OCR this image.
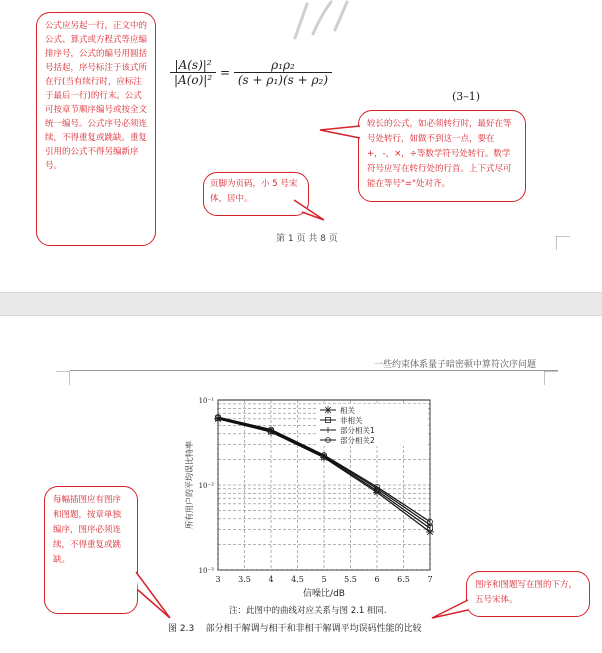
公式应另起一行，正文中的公式、算式或方程式等应编排序号，公式的编号用圆括号括起，序号标注于该式所在行(当有续行时，应标注于最后一行)的行末。公式可按章节顺序编号或按全文统一编号。公式序号必须连续，不得重复或跳缺。重复引用的公式不得另编新序号。
$\frac{\text{|A(s)|²}}{\text{|A(o)|²}} = \frac{\text{ρ₁ρ₂}}{\text{(s + ρ₁)(s + ρ₂)}}$
(3–1)
较长的公式，如必须转行时，最好在等号处转行，如做不到这一点，要在+，-，×，÷等数学符号处转行。数学符号应写在转行处的行首。上下式尽可能在等号"="处对齐。
页脚为页码，小 5 号宋体，居中。
第 1 页 共 8 页
一些约束体系量子暗密顿中算符次序问题
3 3.5 4 4.5 5 5.5 6 6.5 7
10⁻¹
10⁻²
10⁻³
相关
非相关
部分相关1
部分相关2
信噪比/dB
所有用户的平均误比特率
每幅插图应有图序和图题，按章单独编序，图序必须连续，不得重复或跳缺。
图序和图题写在图的下方，五号宋体。
注：此图中的曲线对应关系与图 2.1 相同.
图 2.3    部分相干解调与相干和非相干解调平均误码性能的比较
